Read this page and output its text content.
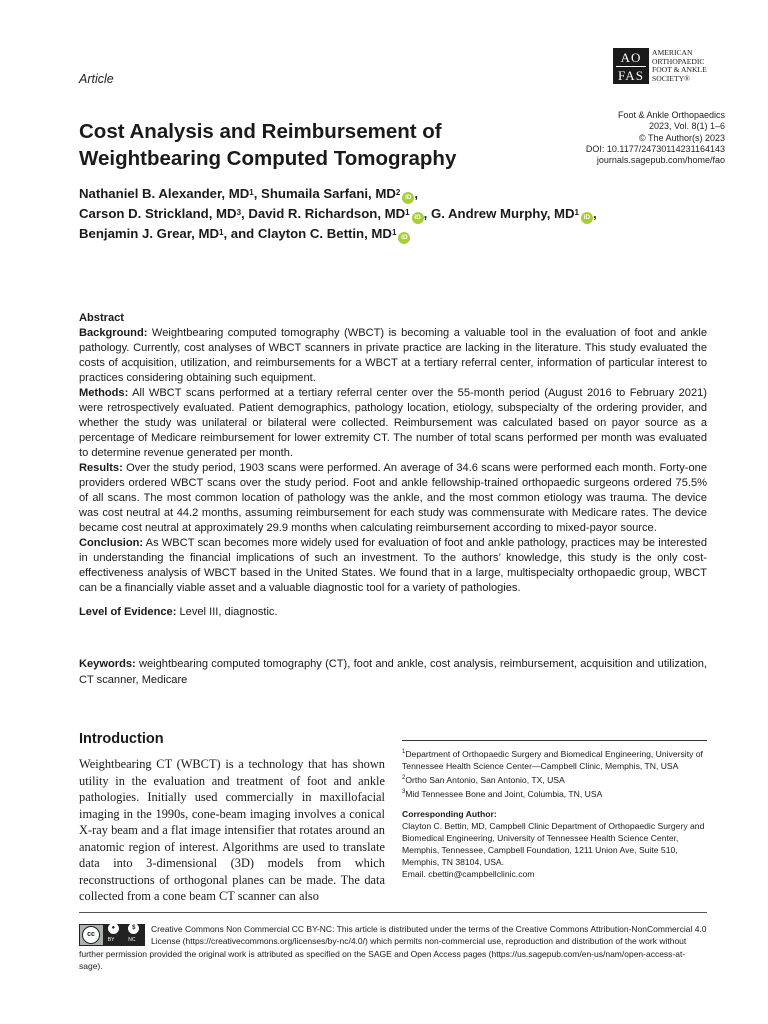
Article
AO
FAS
AMERICAN
ORTHOPAEDIC
FOOT & ANKLE
SOCIETY®
Foot & Ankle Orthopaedics
2023, Vol. 8(1) 1–6
© The Author(s) 2023
DOI: 10.1177/24730114231164143
journals.sagepub.com/home/fao
Cost Analysis and Reimbursement of Weightbearing Computed Tomography
Nathaniel B. Alexander, $MD^1$, Shumaila Sarfani, $MD^2iD$ ,
Carson D. Strickland, $MD^3$, David R. Richardson, $MD^1iD$ , G. Andrew Murphy, $MD^1iD$ ,
Benjamin J. Grear, $MD^1$, and Clayton C. Bettin, $MD^1iD$

Abstract

Background: Weightbearing computed tomography (WBCT) is becoming a valuable tool in the evaluation of foot and ankle pathology. Currently, cost analyses of WBCT scanners in private practice are lacking in the literature. This study evaluated the costs of acquisition, utilization, and reimbursements for a WBCT at a tertiary referral center, information of particular interest to practices considering obtaining such equipment.

Methods: All WBCT scans performed at a tertiary referral center over the 55-month period (August 2016 to February 2021) were retrospectively evaluated. Patient demographics, pathology location, etiology, subspecialty of the ordering provider, and whether the study was unilateral or bilateral were collected. Reimbursement was calculated based on payor source as a percentage of Medicare reimbursement for lower extremity CT. The number of total scans performed per month was evaluated to determine revenue generated per month.

Results: Over the study period, 1903 scans were performed. An average of 34.6 scans were performed each month. Forty-one providers ordered WBCT scans over the study period. Foot and ankle fellowship-trained orthopaedic surgeons ordered 75.5% of all scans. The most common location of pathology was the ankle, and the most common etiology was trauma. The device was cost neutral at 44.2 months, assuming reimbursement for each study was commensurate with Medicare rates. The device became cost neutral at approximately 29.9 months when calculating reimbursement according to mixed-payor source.

Conclusion: As WBCT scan becomes more widely used for evaluation of foot and ankle pathology, practices may be interested in understanding the financial implications of such an investment. To the authors’ knowledge, this study is the only cost-effectiveness analysis of WBCT based in the United States. We found that in a large, multispecialty orthopaedic group, WBCT can be a financially viable asset and a valuable diagnostic tool for a variety of pathologies.

Level of Evidence: Level III, diagnostic.

Keywords: weightbearing computed tomography (CT), foot and ankle, cost analysis, reimbursement, acquisition and utilization, CT scanner, Medicare
Introduction
Weightbearing CT (WBCT) is a technology that has shown utility in the evaluation and treatment of foot and ankle pathologies. Initially used commercially in maxillofacial imaging in the 1990s, cone-beam imaging involves a conical X-ray beam and a flat image intensifier that rotates around an anatomic region of interest. Algorithms are used to translate data into 3-dimensional (3D) models from which reconstructions of orthogonal planes can be made. The data collected from a cone beam CT scanner can also
$^1$Department of Orthopaedic Surgery and Biomedical Engineering, University of Tennessee Health Science Center—Campbell Clinic, Memphis, TN, USA
$^2$Ortho San Antonio, San Antonio, TX, USA
$^3$Mid Tennessee Bone and Joint, Columbia, TN, USA
Corresponding Author:
Clayton C. Bettin, MD, Campbell Clinic Department of Orthopaedic Surgery and Biomedical Engineering, University of Tennessee Health Science Center, Memphis, Tennessee, Campbell Foundation, 1211 Union Ave, Suite 510, Memphis, TN 38104, USA.
Email. cbettin@campbellclinic.com
cc
●
BY
$
NC
Creative Commons Non Commercial CC BY-NC: This article is distributed under the terms of the Creative Commons Attribution-NonCommercial 4.0 License (https://creativecommons.org/licenses/by-nc/4.0/) which permits non-commercial use, reproduction and distribution of the work without further permission provided the original work is attributed as specified on the SAGE and Open Access pages (https://us.sagepub.com/en-us/nam/open-access-at-sage).
